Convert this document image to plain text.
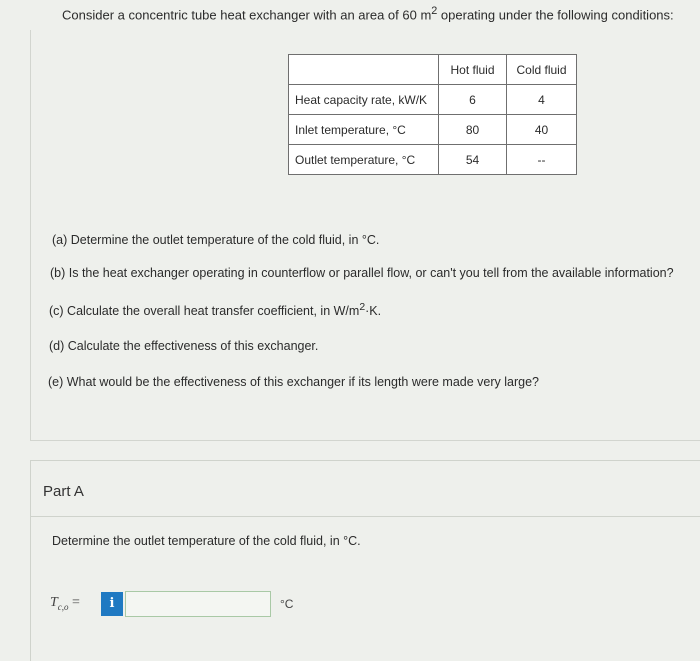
Consider a concentric tube heat exchanger with an area of 60 $m^2$ operating under the following conditions:
	Hot fluid	Cold fluid
Heat capacity rate, kW/K	6	4
Inlet temperature, °C	80	40
Outlet temperature, °C	54	--
(a) Determine the outlet temperature of the cold fluid, in °C.
(b) Is the heat exchanger operating in counterflow or parallel flow, or can't you tell from the available information?
(c) Calculate the overall heat transfer coefficient, in $W/m^2\cdot K$.
(d) Calculate the effectiveness of this exchanger.
(e) What would be the effectiveness of this exchanger if its length were made very large?
Part A
Determine the outlet temperature of the cold fluid, in °C.
$T_{c,o}$ =	i	°C
